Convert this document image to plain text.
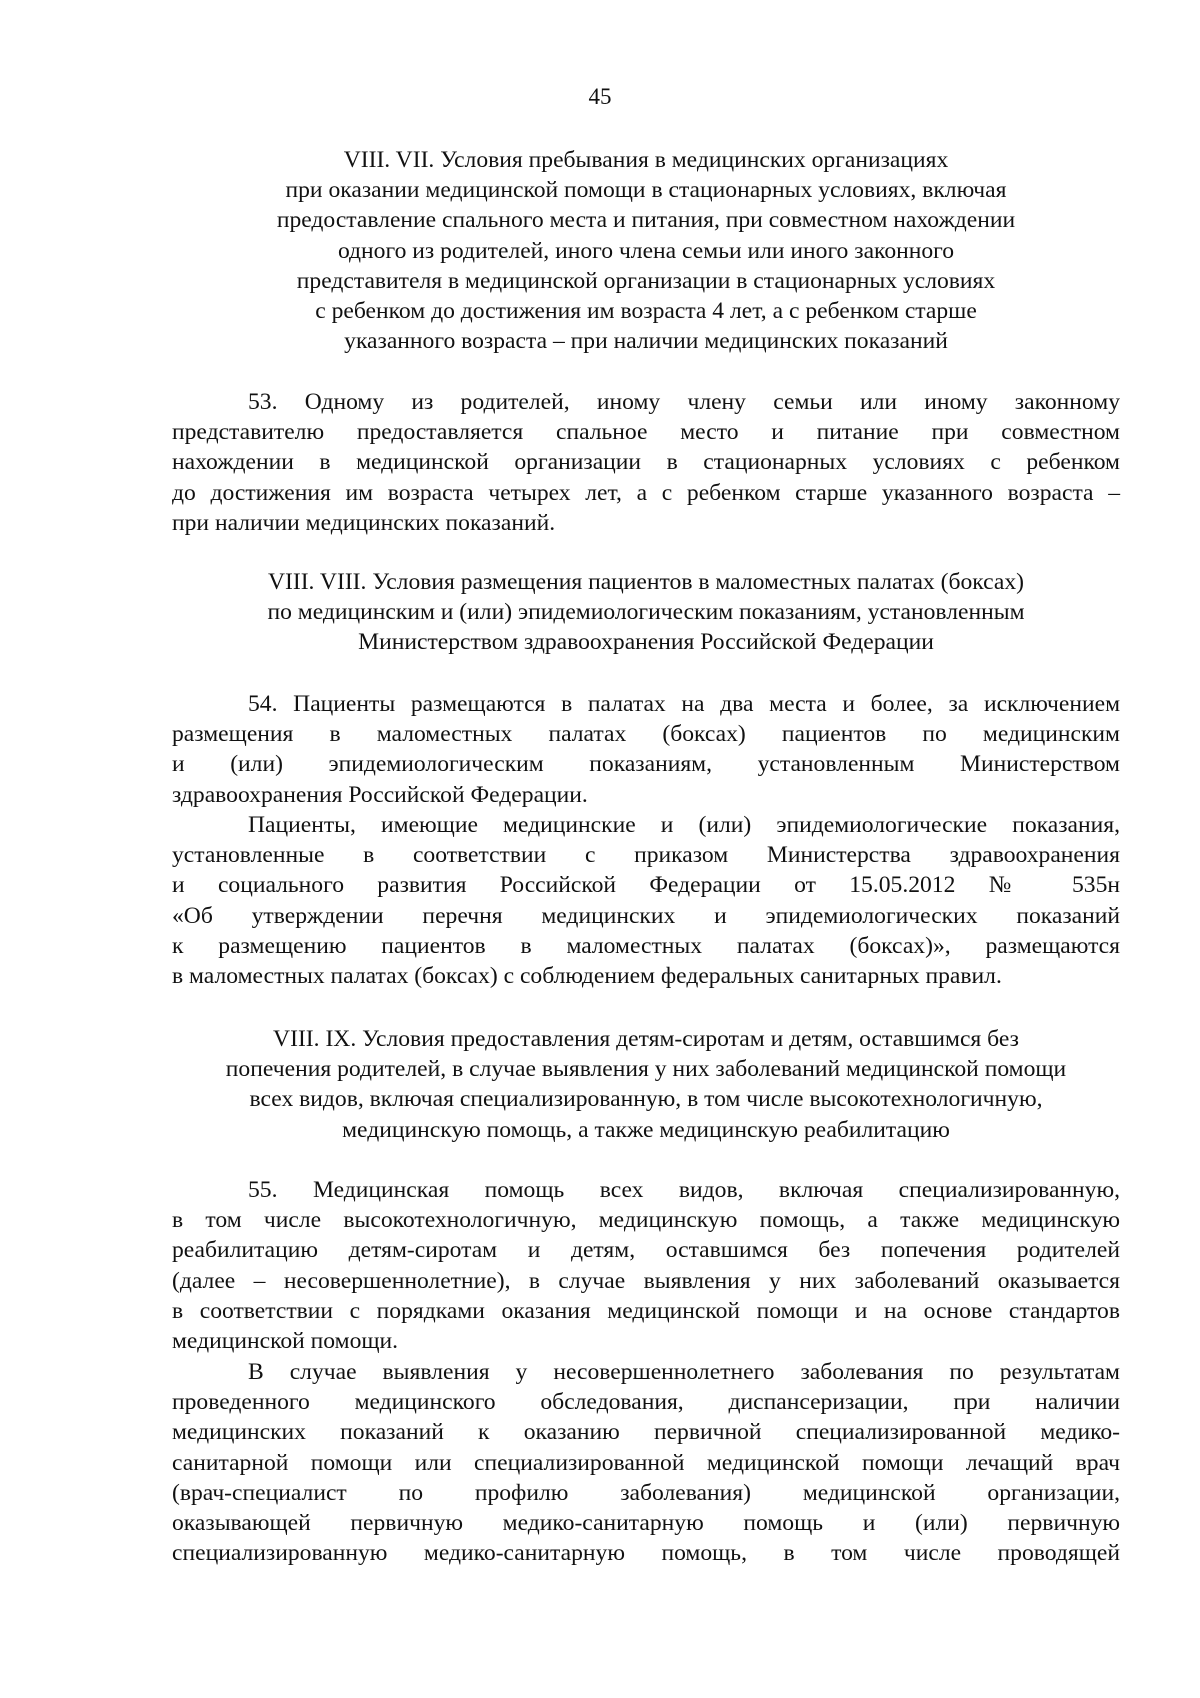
45
VIII. VII. Условия пребывания в медицинских организациях
при оказании медицинской помощи в стационарных условиях, включая
предоставление спального места и питания, при совместном нахождении
одного из родителей, иного члена семьи или иного законного
представителя в медицинской организации в стационарных условиях
с ребенком до достижения им возраста 4 лет, а с ребенком старше
указанного возраста – при наличии медицинских показаний
53. Одному из родителей, иному члену семьи или иному законному
представителю предоставляется спальное место и питание при совместном
нахождении в медицинской организации в стационарных условиях с ребенком
до достижения им возраста четырех лет, а с ребенком старше указанного возраста –
при наличии медицинских показаний.
VIII. VIII. Условия размещения пациентов в маломестных палатах (боксах)
по медицинским и (или) эпидемиологическим показаниям, установленным
Министерством здравоохранения Российской Федерации
54. Пациенты размещаются в палатах на два места и более, за исключением
размещения в маломестных палатах (боксах) пациентов по медицинским
и (или) эпидемиологическим показаниям, установленным Министерством
здравоохранения Российской Федерации.
Пациенты, имеющие медицинские и (или) эпидемиологические показания,
установленные в соответствии с приказом Министерства здравоохранения
и социального развития Российской Федерации от 15.05.2012 № 535н
«Об утверждении перечня медицинских и эпидемиологических показаний
к размещению пациентов в маломестных палатах (боксах)», размещаются
в маломестных палатах (боксах) с соблюдением федеральных санитарных правил.
VIII. IX. Условия предоставления детям-сиротам и детям, оставшимся без
попечения родителей, в случае выявления у них заболеваний медицинской помощи
всех видов, включая специализированную, в том числе высокотехнологичную,
медицинскую помощь, а также медицинскую реабилитацию
55. Медицинская помощь всех видов, включая специализированную,
в том числе высокотехнологичную, медицинскую помощь, а также медицинскую
реабилитацию детям-сиротам и детям, оставшимся без попечения родителей
(далее – несовершеннолетние), в случае выявления у них заболеваний оказывается
в соответствии с порядками оказания медицинской помощи и на основе стандартов
медицинской помощи.
В случае выявления у несовершеннолетнего заболевания по результатам
проведенного медицинского обследования, диспансеризации, при наличии
медицинских показаний к оказанию первичной специализированной медико-
санитарной помощи или специализированной медицинской помощи лечащий врач
(врач-специалист по профилю заболевания) медицинской организации,
оказывающей первичную медико-санитарную помощь и (или) первичную
специализированную медико-санитарную помощь, в том числе проводящей
